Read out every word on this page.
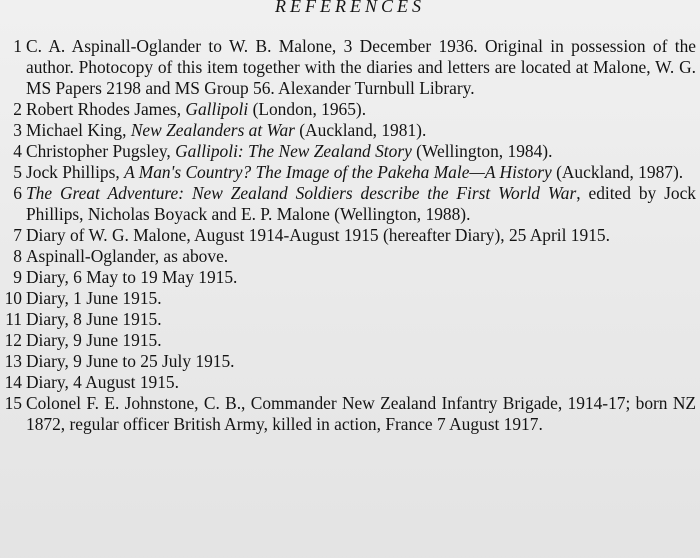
REFERENCES
1 C. A. Aspinall-Oglander to W. B. Malone, 3 December 1936. Original in possession of the author. Photocopy of this item together with the diaries and letters are located at Malone, W. G. MS Papers 2198 and MS Group 56. Alexander Turnbull Library.
2 Robert Rhodes James, Gallipoli (London, 1965).
3 Michael King, New Zealanders at War (Auckland, 1981).
4 Christopher Pugsley, Gallipoli: The New Zealand Story (Wellington, 1984).
5 Jock Phillips, A Man's Country? The Image of the Pakeha Male—A History (Auckland, 1987).
6 The Great Adventure: New Zealand Soldiers describe the First World War, edited by Jock Phillips, Nicholas Boyack and E. P. Malone (Wellington, 1988).
7 Diary of W. G. Malone, August 1914-August 1915 (hereafter Diary), 25 April 1915.
8 Aspinall-Oglander, as above.
9 Diary, 6 May to 19 May 1915.
10 Diary, 1 June 1915.
11 Diary, 8 June 1915.
12 Diary, 9 June 1915.
13 Diary, 9 June to 25 July 1915.
14 Diary, 4 August 1915.
15 Colonel F. E. Johnstone, C. B., Commander New Zealand Infantry Brigade, 1914-17; born NZ 1872, regular officer British Army, killed in action, France 7 August 1917.
